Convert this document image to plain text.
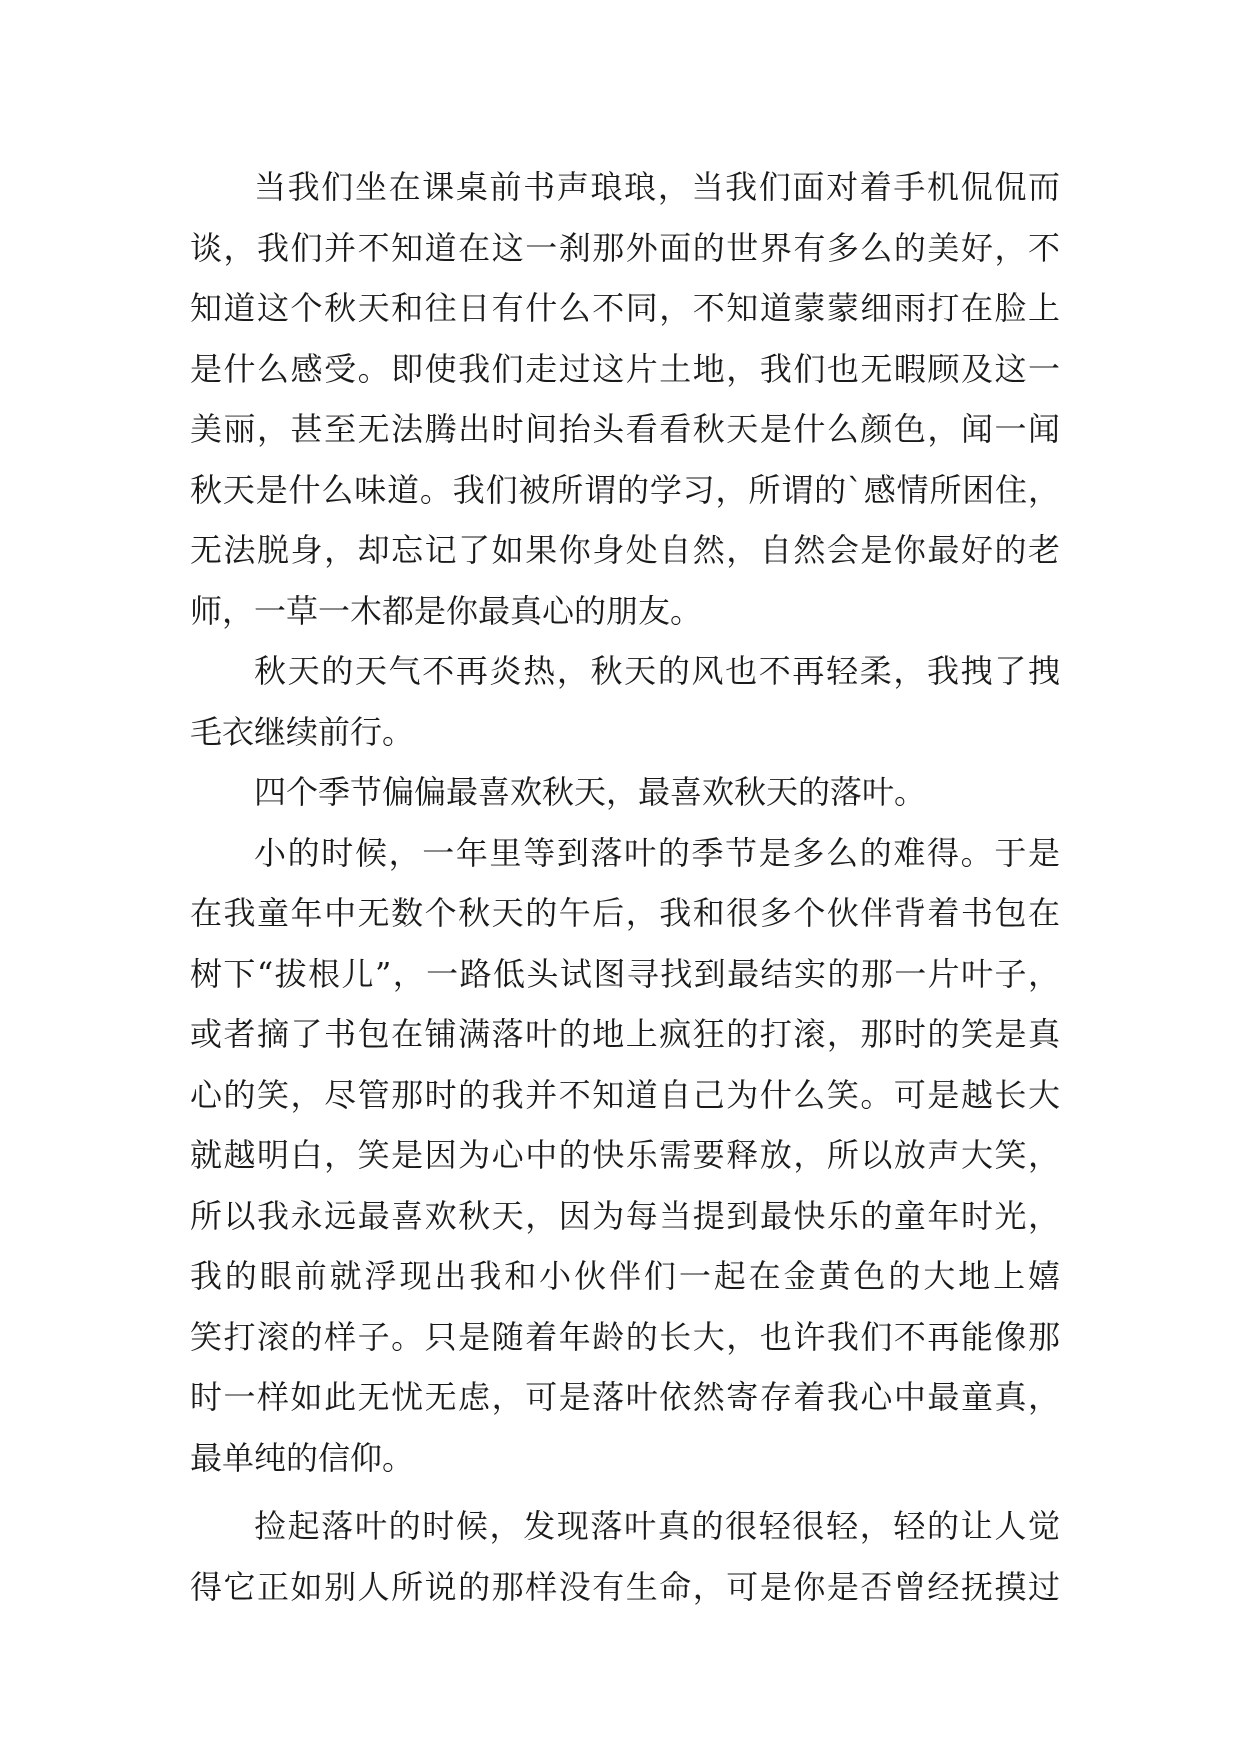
当我们坐在课桌前书声琅琅，当我们面对着手机侃侃而
谈，我们并不知道在这一刹那外面的世界有多么的美好，不
知道这个秋天和往日有什么不同，不知道蒙蒙细雨打在脸上
是什么感受。即使我们走过这片土地，我们也无暇顾及这一
美丽，甚至无法腾出时间抬头看看秋天是什么颜色，闻一闻
秋天是什么味道。我们被所谓的学习，所谓的`感情所困住，
无法脱身，却忘记了如果你身处自然，自然会是你最好的老
师，一草一木都是你最真心的朋友。
秋天的天气不再炎热，秋天的风也不再轻柔，我拽了拽
毛衣继续前行。
四个季节偏偏最喜欢秋天，最喜欢秋天的落叶。
小的时候，一年里等到落叶的季节是多么的难得。于是
在我童年中无数个秋天的午后，我和很多个伙伴背着书包在
树下“拔根儿”，一路低头试图寻找到最结实的那一片叶子，
或者摘了书包在铺满落叶的地上疯狂的打滚，那时的笑是真
心的笑，尽管那时的我并不知道自己为什么笑。可是越长大
就越明白，笑是因为心中的快乐需要释放，所以放声大笑，
所以我永远最喜欢秋天，因为每当提到最快乐的童年时光，
我的眼前就浮现出我和小伙伴们一起在金黄色的大地上嬉
笑打滚的样子。只是随着年龄的长大，也许我们不再能像那
时一样如此无忧无虑，可是落叶依然寄存着我心中最童真，
最单纯的信仰。
捡起落叶的时候，发现落叶真的很轻很轻，轻的让人觉
得它正如别人所说的那样没有生命，可是你是否曾经抚摸过
